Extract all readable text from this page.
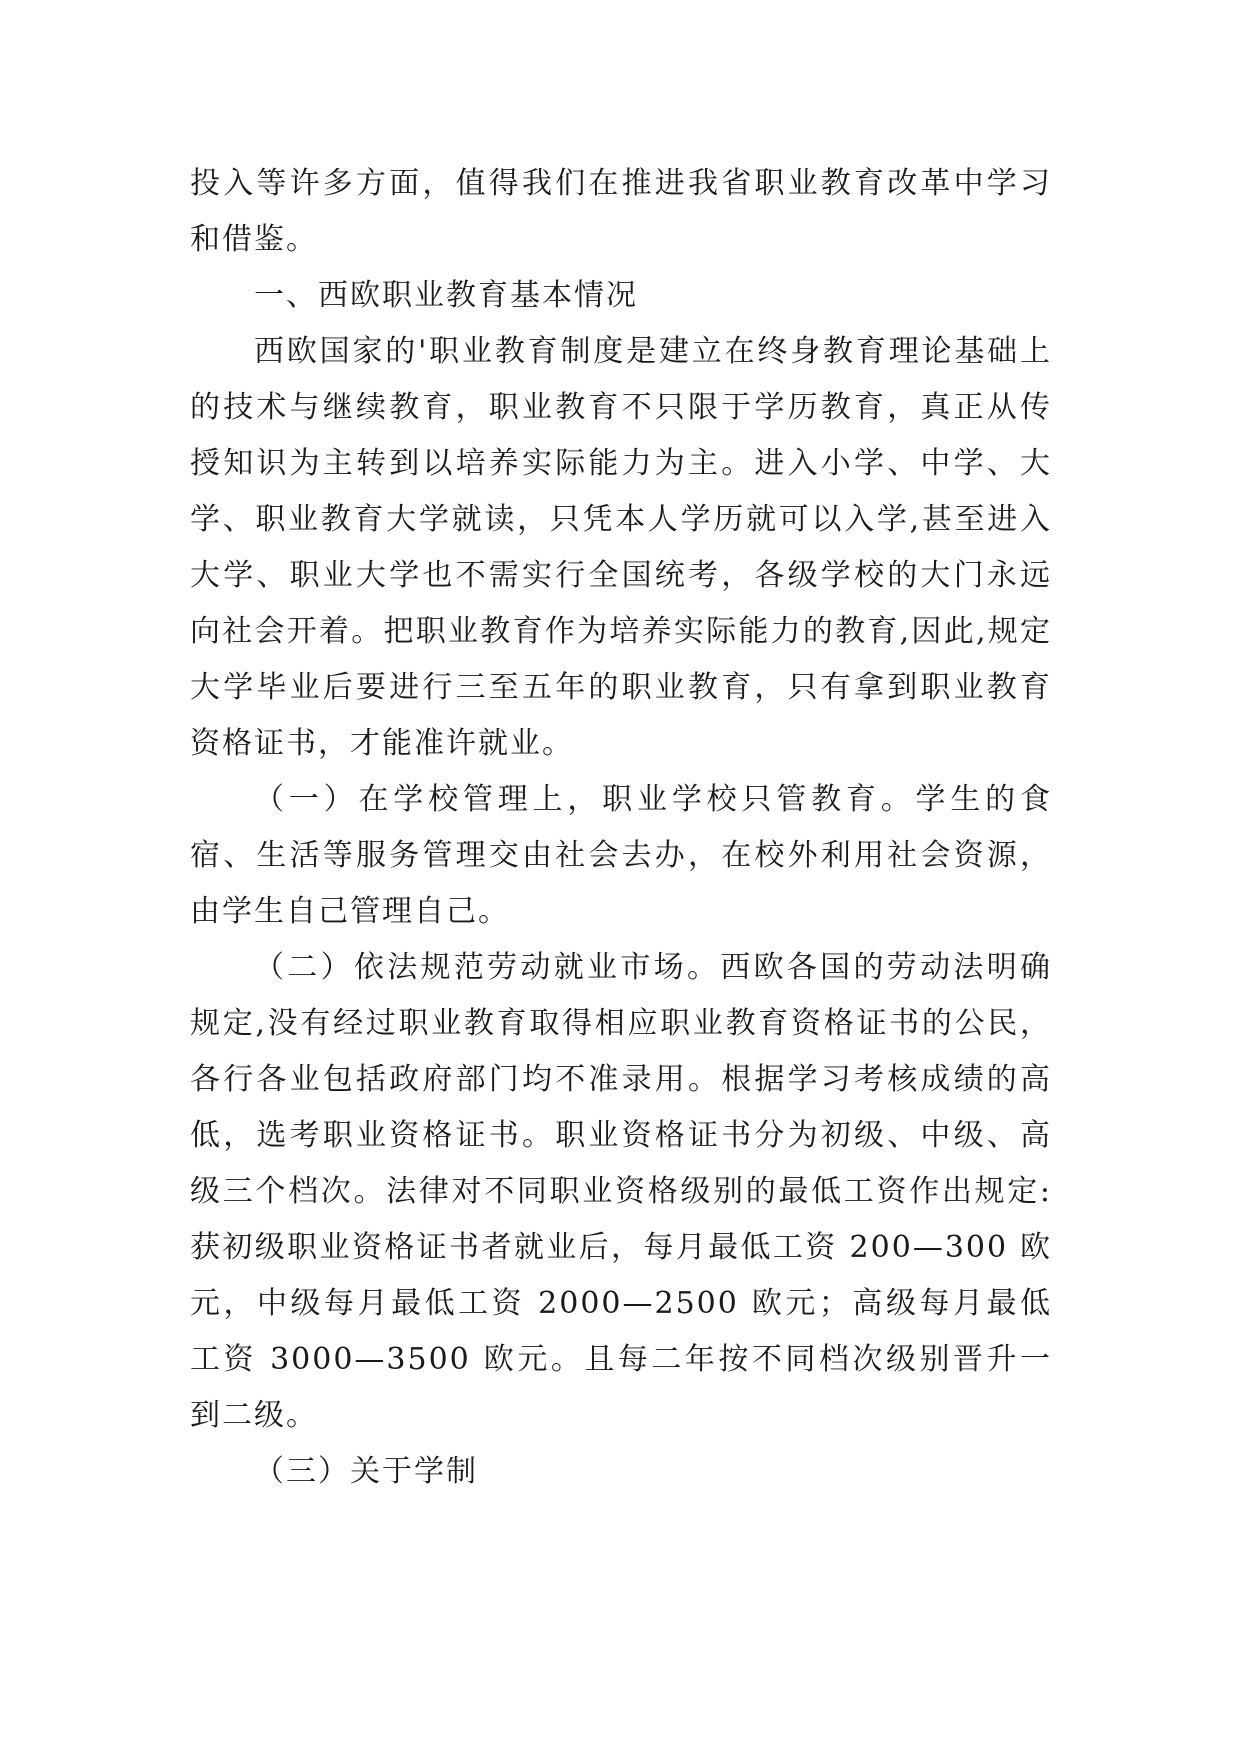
投入等许多方面，值得我们在推进我省职业教育改革中学习和借鉴。

一、西欧职业教育基本情况

西欧国家的'职业教育制度是建立在终身教育理论基础上的技术与继续教育，职业教育不只限于学历教育，真正从传授知识为主转到以培养实际能力为主。进入小学、中学、大学、职业教育大学就读，只凭本人学历就可以入学,甚至进入大学、职业大学也不需实行全国统考，各级学校的大门永远向社会开着。把职业教育作为培养实际能力的教育,因此,规定大学毕业后要进行三至五年的职业教育，只有拿到职业教育资格证书，才能准许就业。

（一）在学校管理上，职业学校只管教育。学生的食宿、生活等服务管理交由社会去办，在校外利用社会资源，由学生自己管理自己。

（二）依法规范劳动就业市场。西欧各国的劳动法明确规定,没有经过职业教育取得相应职业教育资格证书的公民，各行各业包括政府部门均不准录用。根据学习考核成绩的高低，选考职业资格证书。职业资格证书分为初级、中级、高级三个档次。法律对不同职业资格级别的最低工资作出规定:获初级职业资格证书者就业后，每月最低工资 200—300 欧元，中级每月最低工资 2000—2500 欧元；高级每月最低工资 3000—3500 欧元。且每二年按不同档次级别晋升一到二级。

（三）关于学制
